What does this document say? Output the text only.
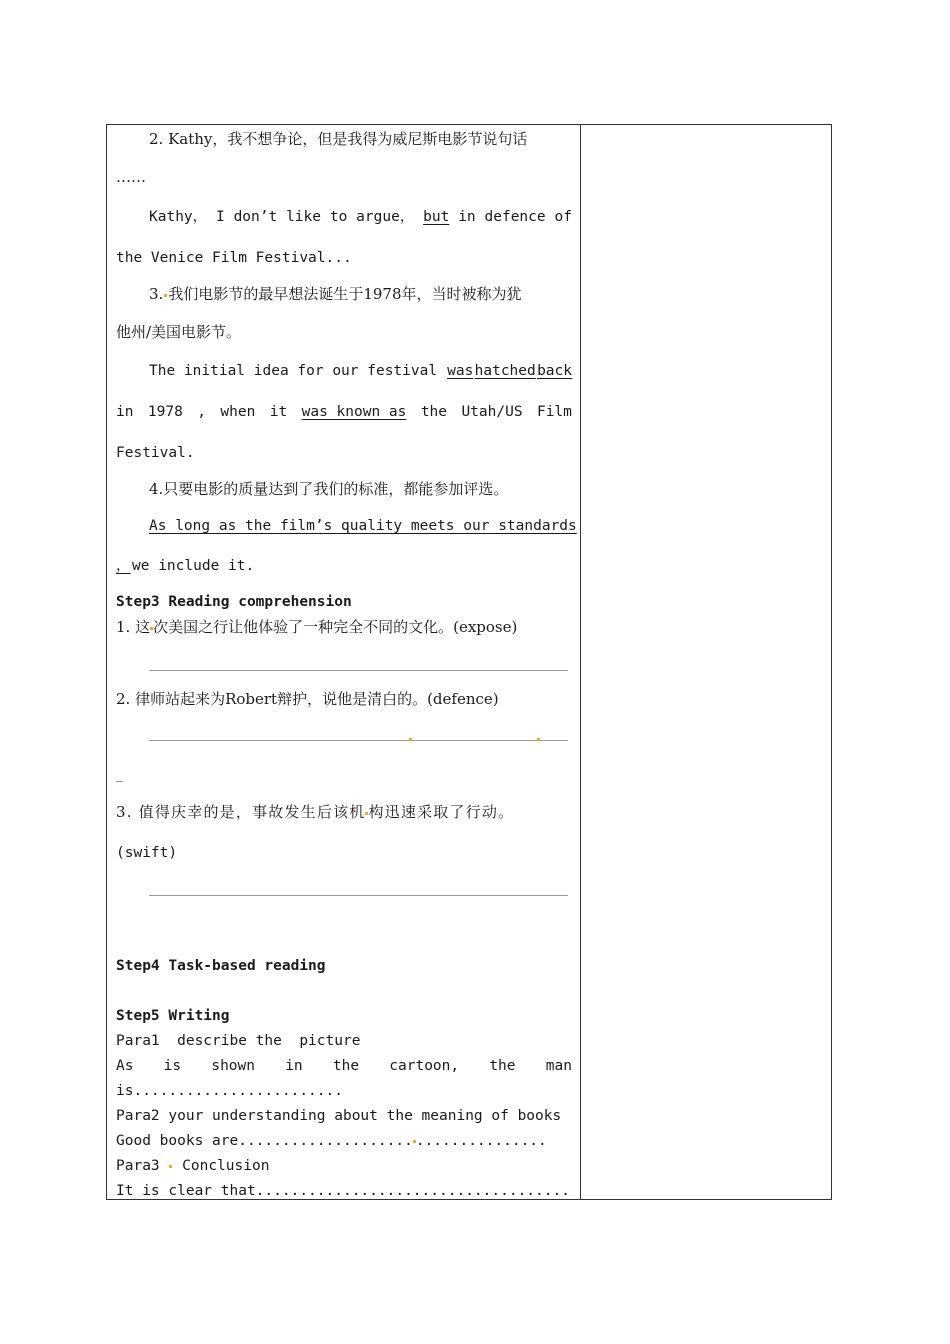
2. Kathy，我不想争论，但是我得为威尼斯电影节说句话
……
Kathy， I don’t like to argue， but in defence of
the Venice Film Festival...
3. 我们电影节的最早想法诞生于1978年，当时被称为犹
他州/美国电影节。
The initial idea for our festival was hatched back
in 1978 , when it was known as the Utah/US Film
Festival.
4.只要电影的质量达到了我们的标准，都能参加评选。
As long as the film’s quality meets our standards
， we include it.
Step3 Reading comprehension
1. 这 次美国之行让他体验了一种完全不同的文化。(expose)
2. 律师站起来为Robert辩护，说他是清白的。(defence)
3. 值得庆幸的是，事故发生后该机 构迅速采取了行动。
(swift)
Step4 Task-based reading
Step5 Writing
Para1  describe the  picture
As is shown in the cartoon, the man
is........................
Para2 your understanding about the meaning of books
Good books are.................... ...............
Para3 Conclusion
It is clear that....................................
